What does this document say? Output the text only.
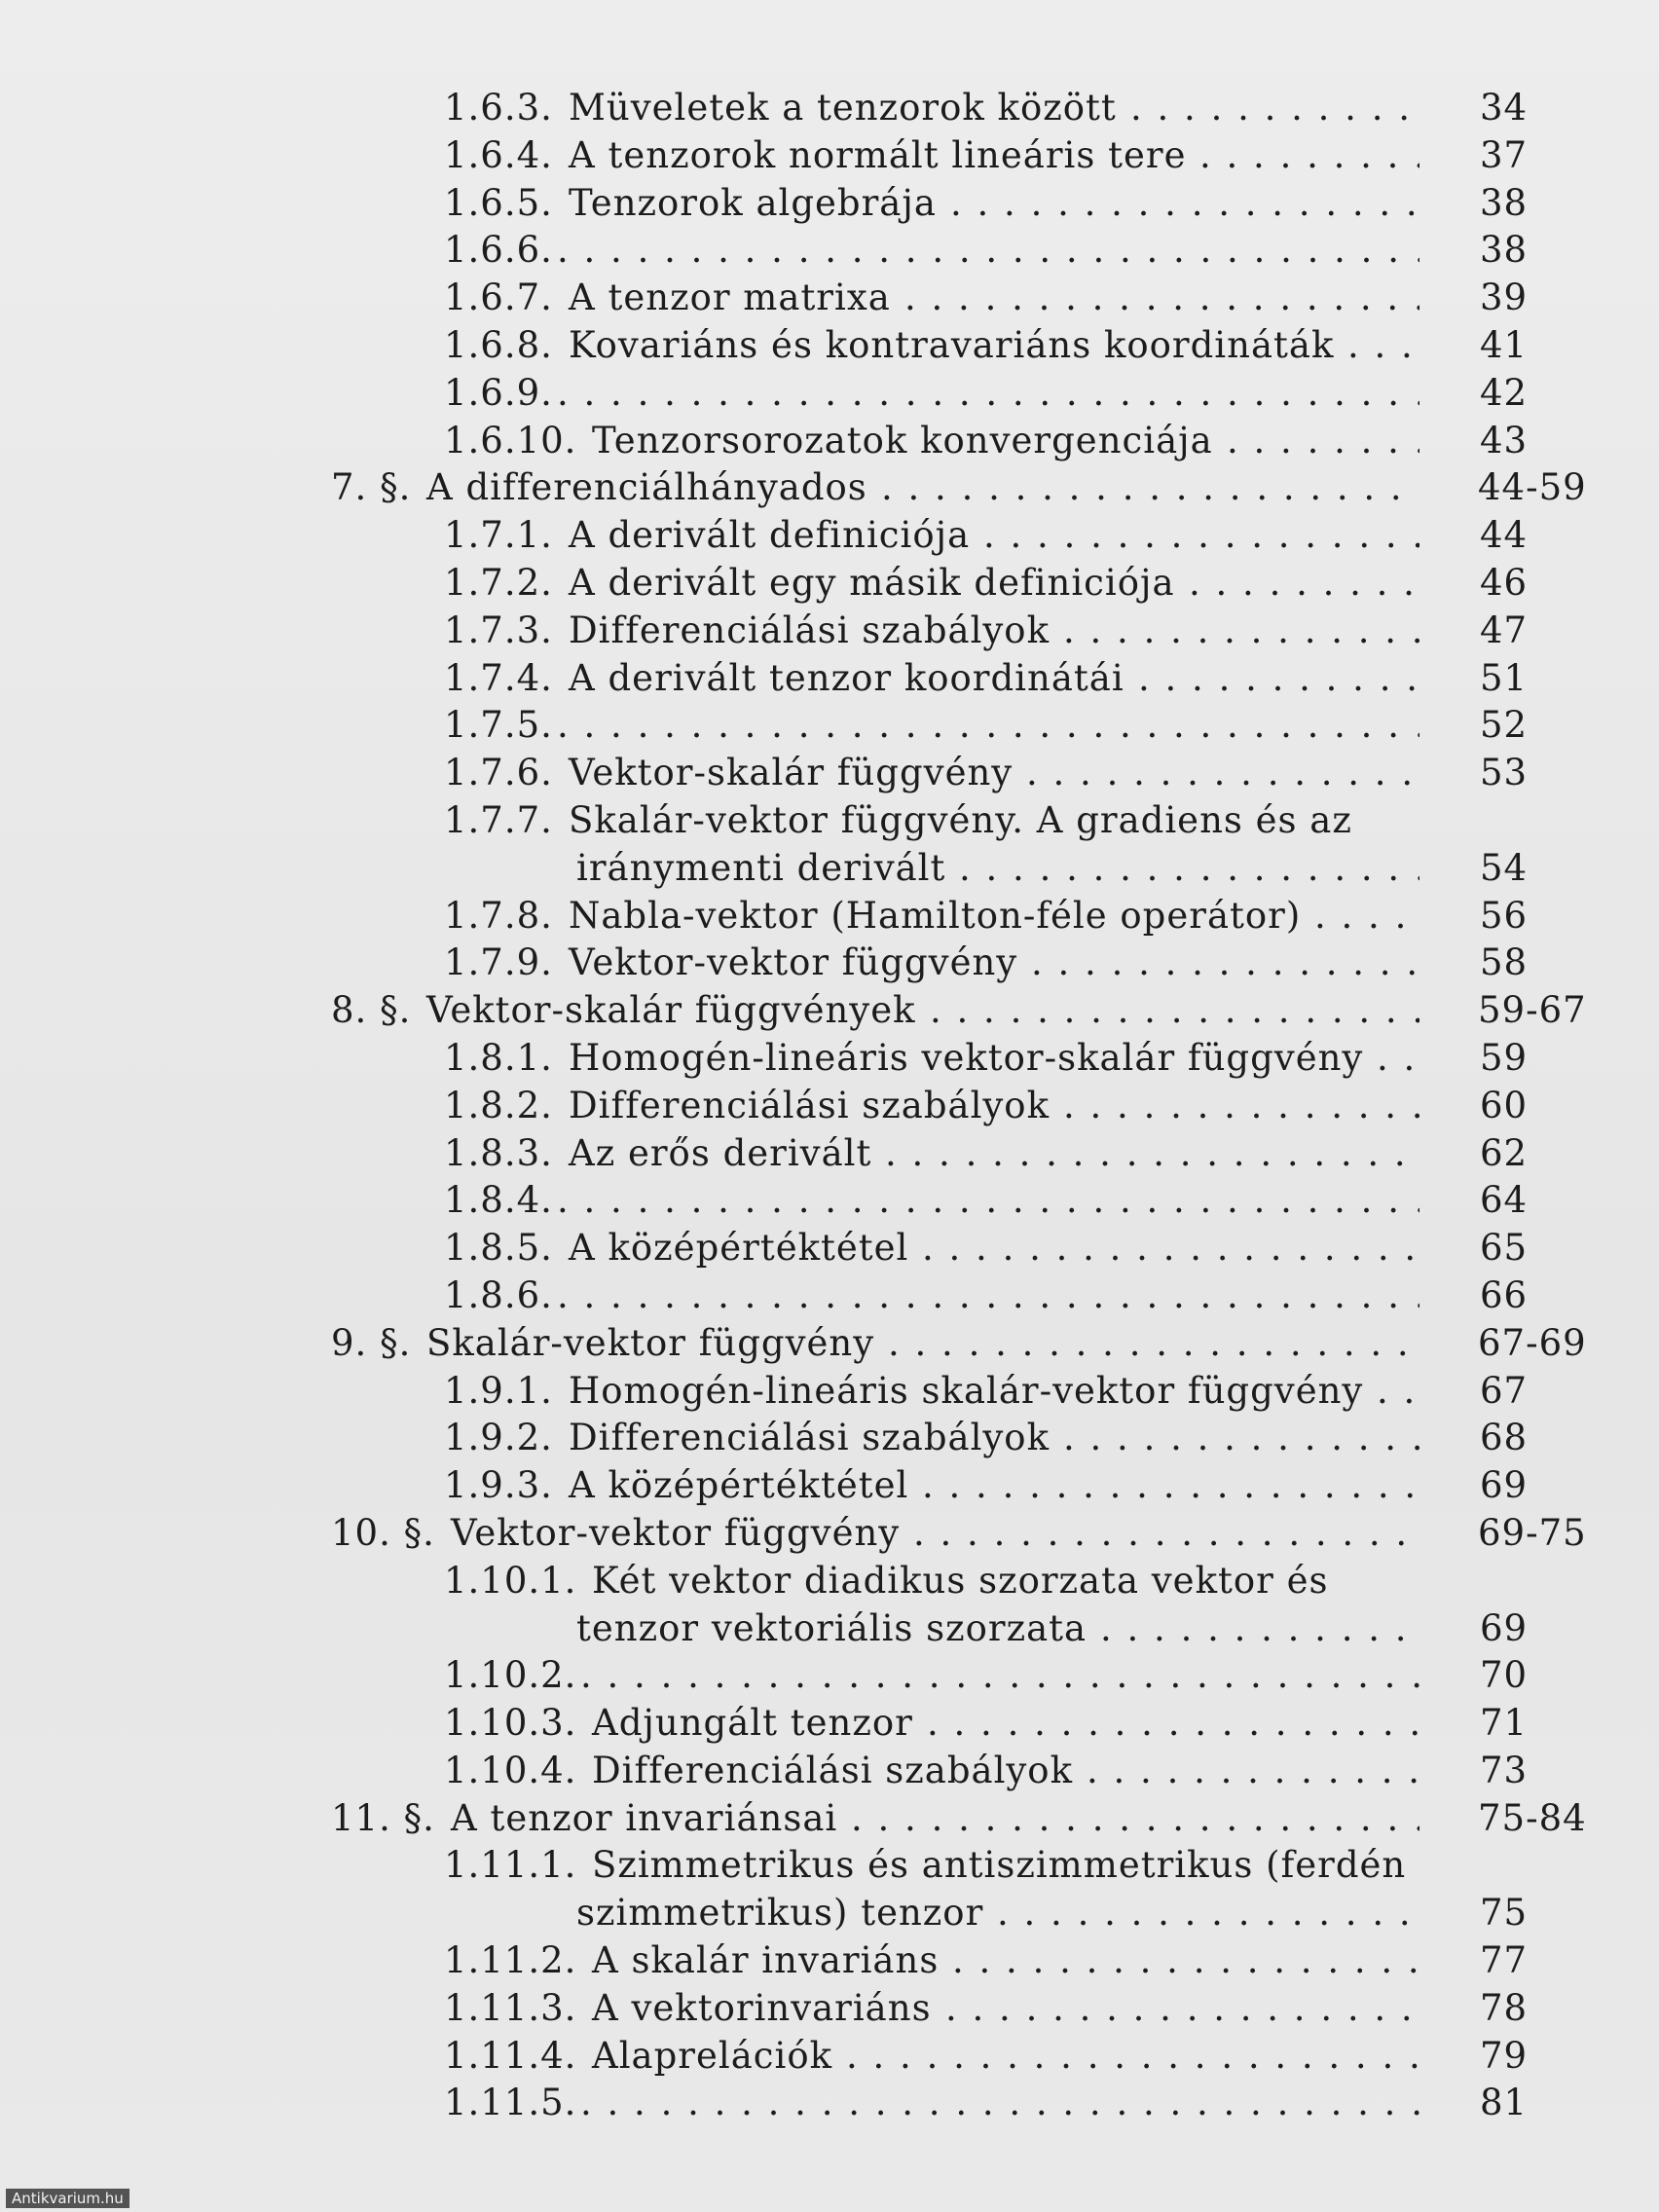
1.6.3. Müveletek a tenzorok között . . .	34
1.6.4. A tenzorok normált lineáris tere . . .	37
1.6.5. Tenzorok algebrája . . .	38
1.6.6. . . .	38
1.6.7. A tenzor matrixa . . .	39
1.6.8. Kovariáns és kontravariáns koordináták . . .	41
1.6.9. . . .	42
1.6.10. Tenzorsorozatok konvergenciája . . .	43
7. §. A differenciálhányados . . .	44-59
1.7.1. A derivált definiciója . . .	44
1.7.2. A derivált egy másik definiciója . . .	46
1.7.3. Differenciálási szabályok . . .	47
1.7.4. A derivált tenzor koordinátái . . .	51
1.7.5. . . .	52
1.7.6. Vektor-skalár függvény . . .	53
1.7.7. Skalár-vektor függvény. A gradiens és az
iránymenti derivált . . .	54
1.7.8. Nabla-vektor (Hamilton-féle operátor) . . .	56
1.7.9. Vektor-vektor függvény . . .	58
8. §. Vektor-skalár függvények . . .	59-67
1.8.1. Homogén-lineáris vektor-skalár függvény . . .	59
1.8.2. Differenciálási szabályok . . .	60
1.8.3. Az erős derivált . . .	62
1.8.4. . . .	64
1.8.5. A középértéktétel . . .	65
1.8.6. . . .	66
9. §. Skalár-vektor függvény . . .	67-69
1.9.1. Homogén-lineáris skalár-vektor függvény . . .	67
1.9.2. Differenciálási szabályok . . .	68
1.9.3. A középértéktétel . . .	69
10. §. Vektor-vektor függvény . . .	69-75
1.10.1. Két vektor diadikus szorzata vektor és
tenzor vektoriális szorzata . . .	69
1.10.2. . . .	70
1.10.3. Adjungált tenzor . . .	71
1.10.4. Differenciálási szabályok . . .	73
11. §. A tenzor invariánsai . . .	75-84
1.11.1. Szimmetrikus és antiszimmetrikus (ferdén
szimmetrikus) tenzor . . .	75
1.11.2. A skalár invariáns . . .	77
1.11.3. A vektorinvariáns . . .	78
1.11.4. Alaprelációk . . .	79
1.11.5. . . .	81
Antikvarium.hu
